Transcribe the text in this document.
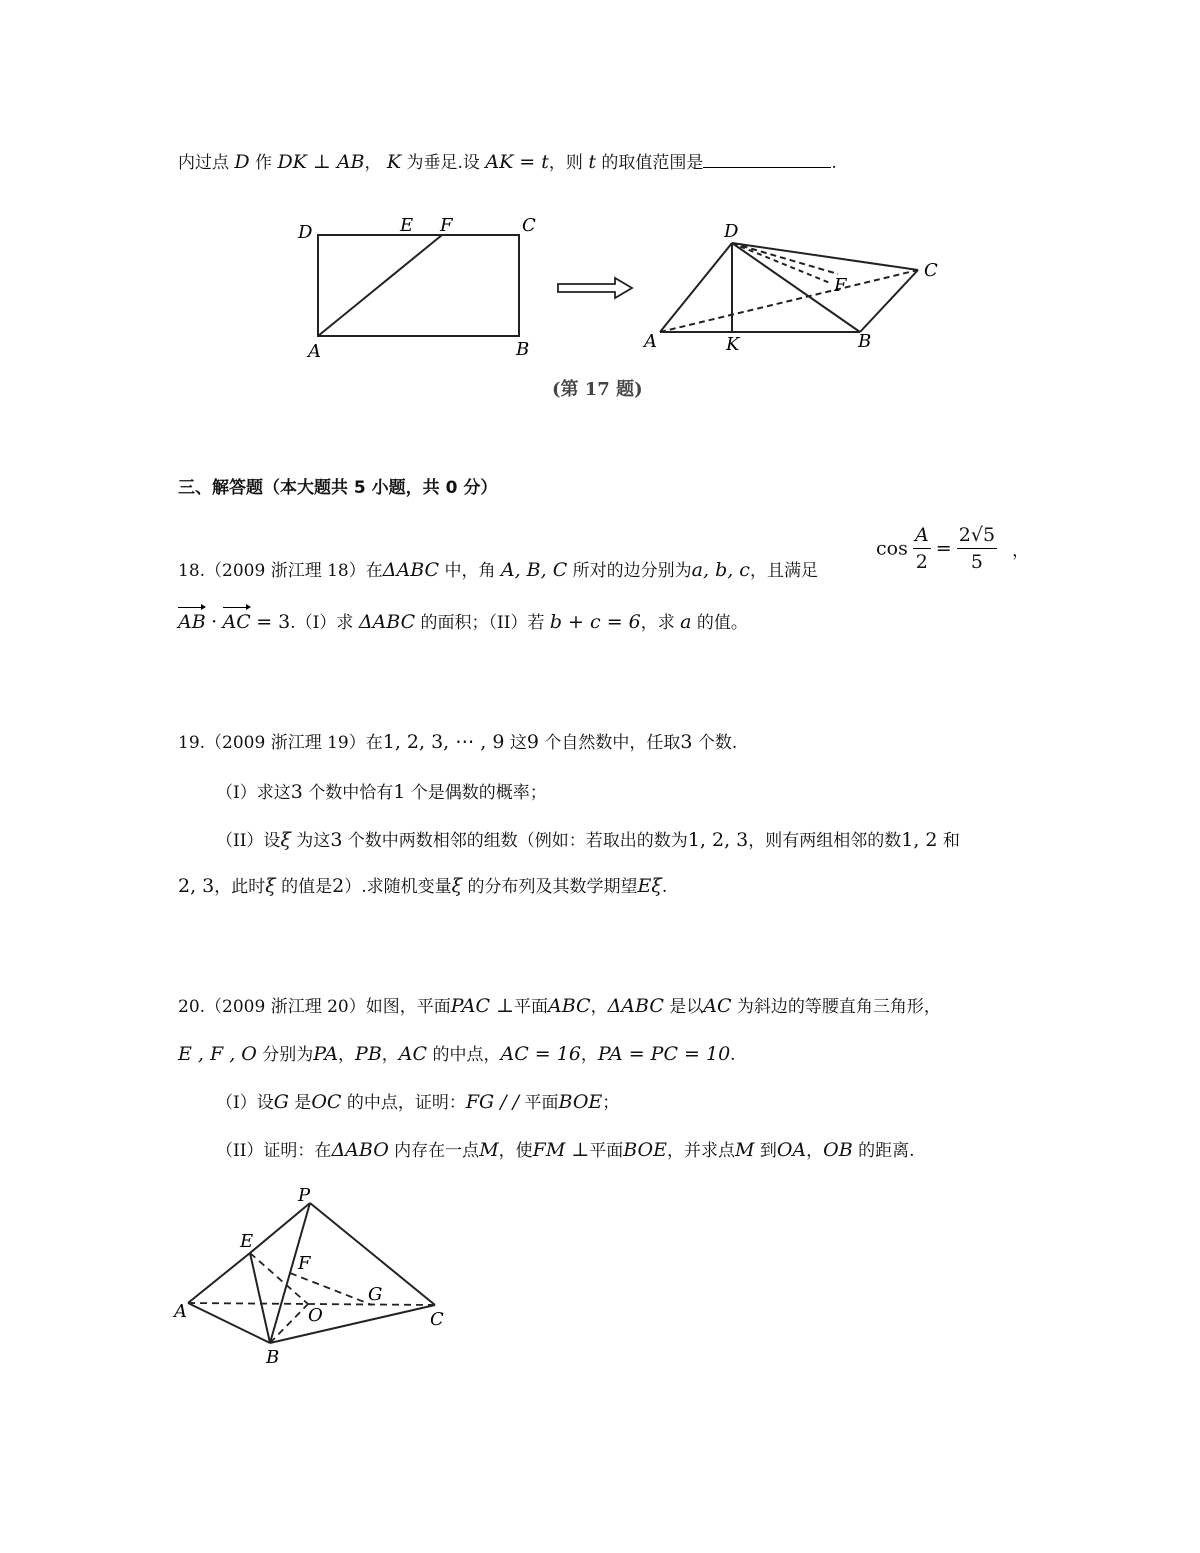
内过点 D 作 DK ⊥ AB， K 为垂足.设 AK = t，则 t 的取值范围是	.
D	E F	C
A	B
D
C
F
A	K	B
(第 17 题)
三、解答题（本大题共 5 小题，共 0 分）
18.（2009 浙江理 18）在ΔABC 中，角 A, B, C 所对的边分别为a, b, c，且满足
$\cos \frac{A}{2} = \frac{2√5}{5}$ ，
AB · AC = 3.（I）求 ΔABC 的面积；（II）若 b + c = 6，求 a 的值。
19.（2009 浙江理 19）在1, 2, 3, ⋯ , 9 这9 个自然数中，任取3 个数.
（I）求这3 个数中恰有1 个是偶数的概率；
（II）设ξ 为这3 个数中两数相邻的组数（例如：若取出的数为1, 2, 3，则有两组相邻的数1, 2 和
2, 3，此时ξ 的值是2）.求随机变量ξ 的分布列及其数学期望Eξ.
20.（2009 浙江理 20）如图，平面PAC ⊥平面ABC，ΔABC 是以AC 为斜边的等腰直角三角形，
E , F , O 分别为PA，PB，AC 的中点，AC = 16，PA = PC = 10.
（I）设G 是OC 的中点，证明：FG / / 平面BOE；
（II）证明：在ΔABO 内存在一点M，使FM ⊥平面BOE，并求点M 到OA，OB 的距离.
P
E
F
G
A	O	C
B
